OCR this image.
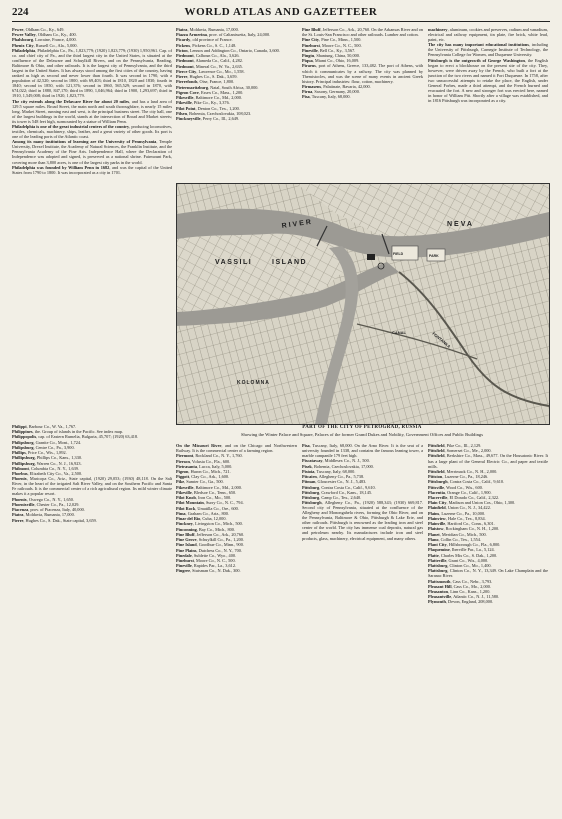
224	WORLD ATLAS AND GAZETTEER

Pewee, Oldham Co., Ky., 649.

Pewee Valley, Oldham Co., Ky., 400.

Phalsbourg, Lorraine, France, 4,000.

Phenix City, Russell Co., Ala., 5,000.

Philadelphia, Philadelphia Co., Pa., 1,823,779; (1920) 1,823,779; (1930) 1,950,961. Cap. of co. and chief city of Pa., and the third largest city in the United States, is situated at the confluence of the Delaware and Schuylkill Rivers, and on the Pennsylvania, Reading, Baltimore & Ohio, and other railroads. It is the largest city of Pennsylvania, and the third largest in the United States. It has always stood among the first cities of the country, having ranked as high as second and never lower than fourth. It was second in 1790, with a population of 42,520; second in 1800, with 69,403; third in 1810, 1820 and 1830; fourth in 1840; second in 1850, with 121,376; second in 1860, 565,529; second in 1870, with 674,022; third in 1880, 847,170; third in 1890, 1,046,964; third in 1900, 1,293,697; third in 1910, 1,549,008; third in 1920, 1,823,779.

The city extends along the Delaware River for about 20 miles, and has a land area of 129.5 square miles. Broad Street, the main north and south thoroughfare, is nearly 15 miles long. Market Street, running east and west, is the principal business street. The city hall, one of the largest buildings in the world, stands at the intersection of Broad and Market streets; its tower is 548 feet high, surmounted by a statue of William Penn.

Philadelphia is one of the great industrial centers of the country, producing locomotives, textiles, chemicals, machinery, ships, leather, and a great variety of other goods. Its port is one of the leading ports of the Atlantic coast.

Among its many institutions of learning are the University of Pennsylvania, Temple University, Drexel Institute, the Academy of Natural Sciences, the Franklin Institute, and the Pennsylvania Academy of the Fine Arts. Independence Hall, where the Declaration of Independence was adopted and signed, is preserved as a national shrine. Fairmount Park, covering more than 3,800 acres, is one of the largest city parks in the world.

Philadelphia was founded by William Penn in 1682, and was the capital of the United States from 1790 to 1800. It was incorporated as a city in 1701.

Philippi, Barbour Co., W. Va., 1,767.

Philippines, the. Group of islands in the Pacific. See index map.

Philippopolis, cap. of Eastern Rumelia, Bulgaria, 45,707; (1920) 63,418.

Philipsburg, Granite Co., Mont., 1,724.

Philipsburg, Centre Co., Pa., 3,900.

Phillips, Price Co., Wis., 1,892.

Phillipsburg, Phillips Co., Kans., 1,330.

Phillipsburg, Warren Co., N. J., 16,923.

Philmont, Columbia Co., N. Y., 1,639.

Phoebus, Elizabeth City Co., Va., 2,500.

Phoenix, Maricopa Co., Ariz., State capital, (1920) 29,053; (1930) 48,118. On the Salt River, in the heart of the irrigated Salt River Valley, and on the Southern Pacific and Santa Fe railroads. It is the commercial center of a rich agricultural region. Its mild winter climate makes it a popular resort.

Phoenix, Oswego Co., N. Y., 1,650.

Phoenixville, Chester Co., Pa., 12,029.

Piacenza, prov. of Piacenza, Italy, 40,000.

Piatra, Moldavia, Rumania, 17,000.

Pierre, Hughes Co., S. Dak., State capital, 3,659.

Piatra, Moldavia, Rumania, 17,000.

Piazza Armerina, prov. of Caltanissetta, Italy, 24,000.

Picardy, old province of France.

Pickens, Pickens Co., S. C., 1,148.

Picton, Lennox and Addington Co., Ontario, Canada, 3,600.

Piedmont, Calhoun Co., Ala., 3,626.

Piedmont, Alameda Co., Calif., 4,282.

Piedmont, Mineral Co., W. Va., 2,635.

Pierce City, Lawrence Co., Mo., 1,558.

Pierre, Hughes Co., S. Dak., 3,659.

Pierrefonds, Oise, France, 1,800.

Pietermaritzburg, Natal, South Africa, 30,000.

Pigeon Cove, Essex Co., Mass., 1,200.

Pikesville, Baltimore Co., Md., 2,000.

Pikeville, Pike Co., Ky., 3,376.

Pilot Point, Denton Co., Tex., 1,200.

Pilsen, Bohemia, Czechoslovakia, 108,023.

Pinckneyville, Perry Co., Ill., 2,649.

Pine Bluff, Jefferson Co., Ark., 20,760. On the Arkansas River and on the St. Louis-San Francisco and other railroads. Lumber and cotton.

Pine City, Pine Co., Minn., 1,500.

Pinehurst, Moore Co., N. C., 500.

Pineville, Bell Co., Ky., 3,567.

Pingtu, Shantung, China, 50,000.

Piqua, Miami Co., Ohio, 16,009.

Piraeus, port of Athens, Greece, 133,482. The port of Athens, with which it communicates by a railway. The city was planned by Themistocles, and was the scene of many events in ancient Greek history. Principal industries: flour, cotton, machinery.

Pirmasens, Palatinate, Bavaria, 42,000.

Pirna, Saxony, Germany, 20,000.

Pisa, Tuscany, Italy, 68,000.

machinery, aluminum, cookies and preserves, radium and vanadium, electrical and railway equipment, tin plate, fire brick, white lead, paint, etc.

The city has many important educational institutions, including the University of Pittsburgh, Carnegie Institute of Technology, the Pennsylvania College for Women, and Duquesne University.

Pittsburgh is the outgrowth of George Washington, the English began to erect a blockhouse on the present site of the city. They, however, were driven away by the French, who built a fort at the junction of the two rivers and named it Fort Duquesne. In 1758, after two unsuccessful attempts to retake the place, the English, under General Forbes, made a third attempt, and the French burned and evacuated the fort. A new and stronger fort was erected here, named in honor of William Pitt. Shortly after a village was established, and in 1816 Pittsburgh was incorporated as a city.

NEVA
RIVER
VASSILI	ISLAND
FIELD	PARK
FONTANKA
CANAL
KOLOMNA
PART OF THE CITY OF PETROGRAD, RUSSIA
Showing the Winter Palace and Square, Palaces of the former Grand Dukes and Nobility, Government Offices and Public Buildings

On the Missouri River, and on the Chicago and Northwestern Railway. It is the commercial center of a farming region.

Piermont, Rockland Co., N. Y., 1,760.

Pierson, Volusia Co., Fla., 600.

Pietrasanta, Lucca, Italy, 5,000.

Pigeon, Huron Co., Mich., 721.

Piggott, Clay Co., Ark., 1,600.

Pike, Sumter Co., Ga., 500.

Pikesville, Baltimore Co., Md., 2,000.

Pikeville, Bledsoe Co., Tenn., 650.

Pilot Knob, Iron Co., Mo., 500.

Pilot Mountain, Surry Co., N. C., 794.

Pilot Rock, Umatilla Co., Ore., 600.

Pima, Graham Co., Ariz., 800.

Pinar del Rio, Cuba, 12,000.

Pinckney, Livingston Co., Mich., 500.

Pinconning, Bay Co., Mich., 800.

Pine Bluff, Jefferson Co., Ark., 20,760.

Pine Grove, Schuylkill Co., Pa., 1,200.

Pine Island, Goodhue Co., Minn., 900.

Pine Plains, Dutchess Co., N. Y., 700.

Pinedale, Sublette Co., Wyo., 400.

Pinehurst, Moore Co., N. C., 500.

Pineville, Rapides Par., La., 3,612.

Pingree, Stutsman Co., N. Dak., 300.

Pisa, Tuscany, Italy, 68,000. On the Arno River. It is the seat of a university founded in 1338, and contains the famous leaning tower, a marble campanile 179 feet high.

Piscataway, Middlesex Co., N. J., 500.

Pisek, Bohemia, Czechoslovakia, 17,000.

Pistoia, Tuscany, Italy, 68,000.

Pitcairn, Allegheny Co., Pa., 5,738.

Pitman, Gloucester Co., N. J., 5,483.

Pittsburg, Contra Costa Co., Calif., 9,610.

Pittsburg, Crawford Co., Kans., 18,145.

Pittsburg, Camp Co., Tex., 2,640.

Pittsburgh, Allegheny Co., Pa., (1920) 588,343; (1930) 669,817. Second city of Pennsylvania, situated at the confluence of the Allegheny and Monongahela rivers, forming the Ohio River, and on the Pennsylvania, Baltimore & Ohio, Pittsburgh & Lake Erie, and other railroads. Pittsburgh is renowned as the leading iron and steel center of the world. The city has immense coal deposits, natural gas and petroleum nearby. Its manufactures include iron and steel products, glass, machinery, electrical equipment, and many others.

Pittsfield, Pike Co., Ill., 2,129.

Pittsfield, Somerset Co., Me., 2,000.

Pittsfield, Berkshire Co., Mass., 49,677. On the Housatonic River. It has a large plant of the General Electric Co., and paper and textile mills.

Pittsfield, Merrimack Co., N. H., 2,000.

Pittston, Luzerne Co., Pa., 18,246.

Pittsburgh, Contra Costa Co., Calif., 9,610.

Pittsville, Wood Co., Wis., 600.

Placentia, Orange Co., Calif., 1,900.

Placerville, El Dorado Co., Calif., 2,322.

Plain City, Madison and Union Cos., Ohio, 1,300.

Plainfield, Union Co., N. J., 34,422.

Plains, Luzerne Co., Pa., 10,000.

Plainview, Hale Co., Tex., 8,834.

Plainville, Hartford Co., Conn., 6,301.

Plaistow, Rockingham Co., N. H., 1,200.

Planet, Meridian Co., Mich., 500.

Plano, Collin Co., Tex., 1,554.

Plant City, Hillsborough Co., Fla., 6,800.

Plaquemine, Iberville Par., La., 5,124.

Platte, Charles Mix Co., S. Dak., 1,200.

Platteville, Grant Co., Wis., 4,000.

Plattsburg, Clinton Co., Mo., 1,400.

Plattsburg, Clinton Co., N. Y., 13,349. On Lake Champlain and the Saranac River.

Plattsmouth, Cass Co., Nebr., 3,793.

Pleasant Hill, Cass Co., Mo., 2,000.

Pleasanton, Linn Co., Kans., 1,200.

Pleasantville, Atlantic Co., N. J., 11,580.

Plymouth, Devon, England, 208,000.
